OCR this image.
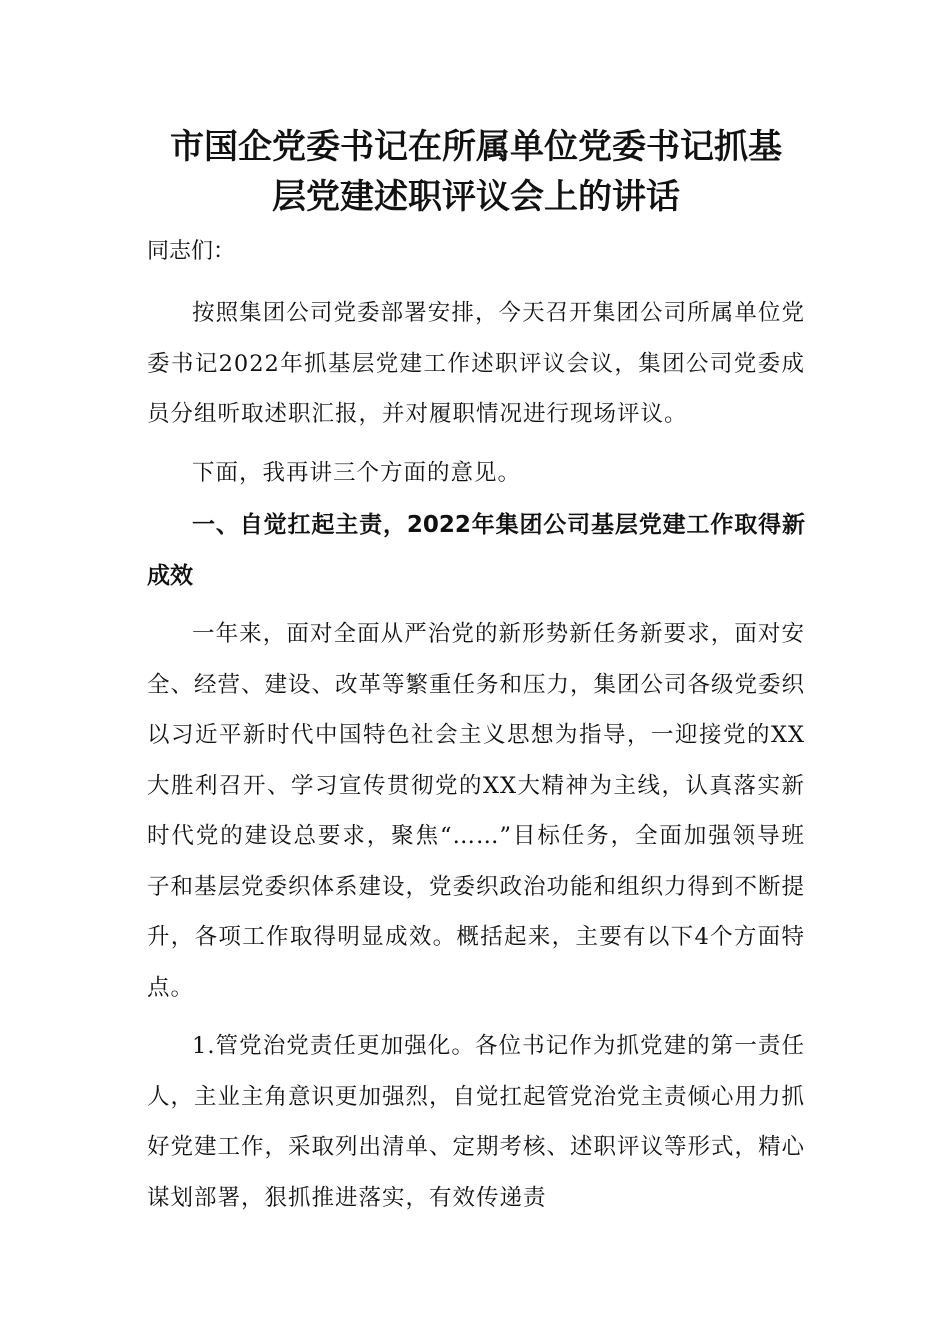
市国企党委书记在所属单位党委书记抓基
层党建述职评议会上的讲话

同志们：

按照集团公司党委部署安排，今天召开集团公司所属单位党委书记2022年抓基层党建工作述职评议会议，集团公司党委成员分组听取述职汇报，并对履职情况进行现场评议。

下面，我再讲三个方面的意见。

一、自觉扛起主责，2022年集团公司基层党建工作取得新成效

一年来，面对全面从严治党的新形势新任务新要求，面对安全、经营、建设、改革等繁重任务和压力，集团公司各级党委织以习近平新时代中国特色社会主义思想为指导，一迎接党的XX大胜利召开、学习宣传贯彻党的XX大精神为主线，认真落实新时代党的建设总要求，聚焦“……”目标任务，全面加强领导班子和基层党委织体系建设，党委织政治功能和组织力得到不断提升，各项工作取得明显成效。概括起来，主要有以下4个方面特点。

1.管党治党责任更加强化。各位书记作为抓党建的第一责任人，主业主角意识更加强烈，自觉扛起管党治党主责倾心用力抓好党建工作，采取列出清单、定期考核、述职评议等形式，精心谋划部署，狠抓推进落实，有效传递责
